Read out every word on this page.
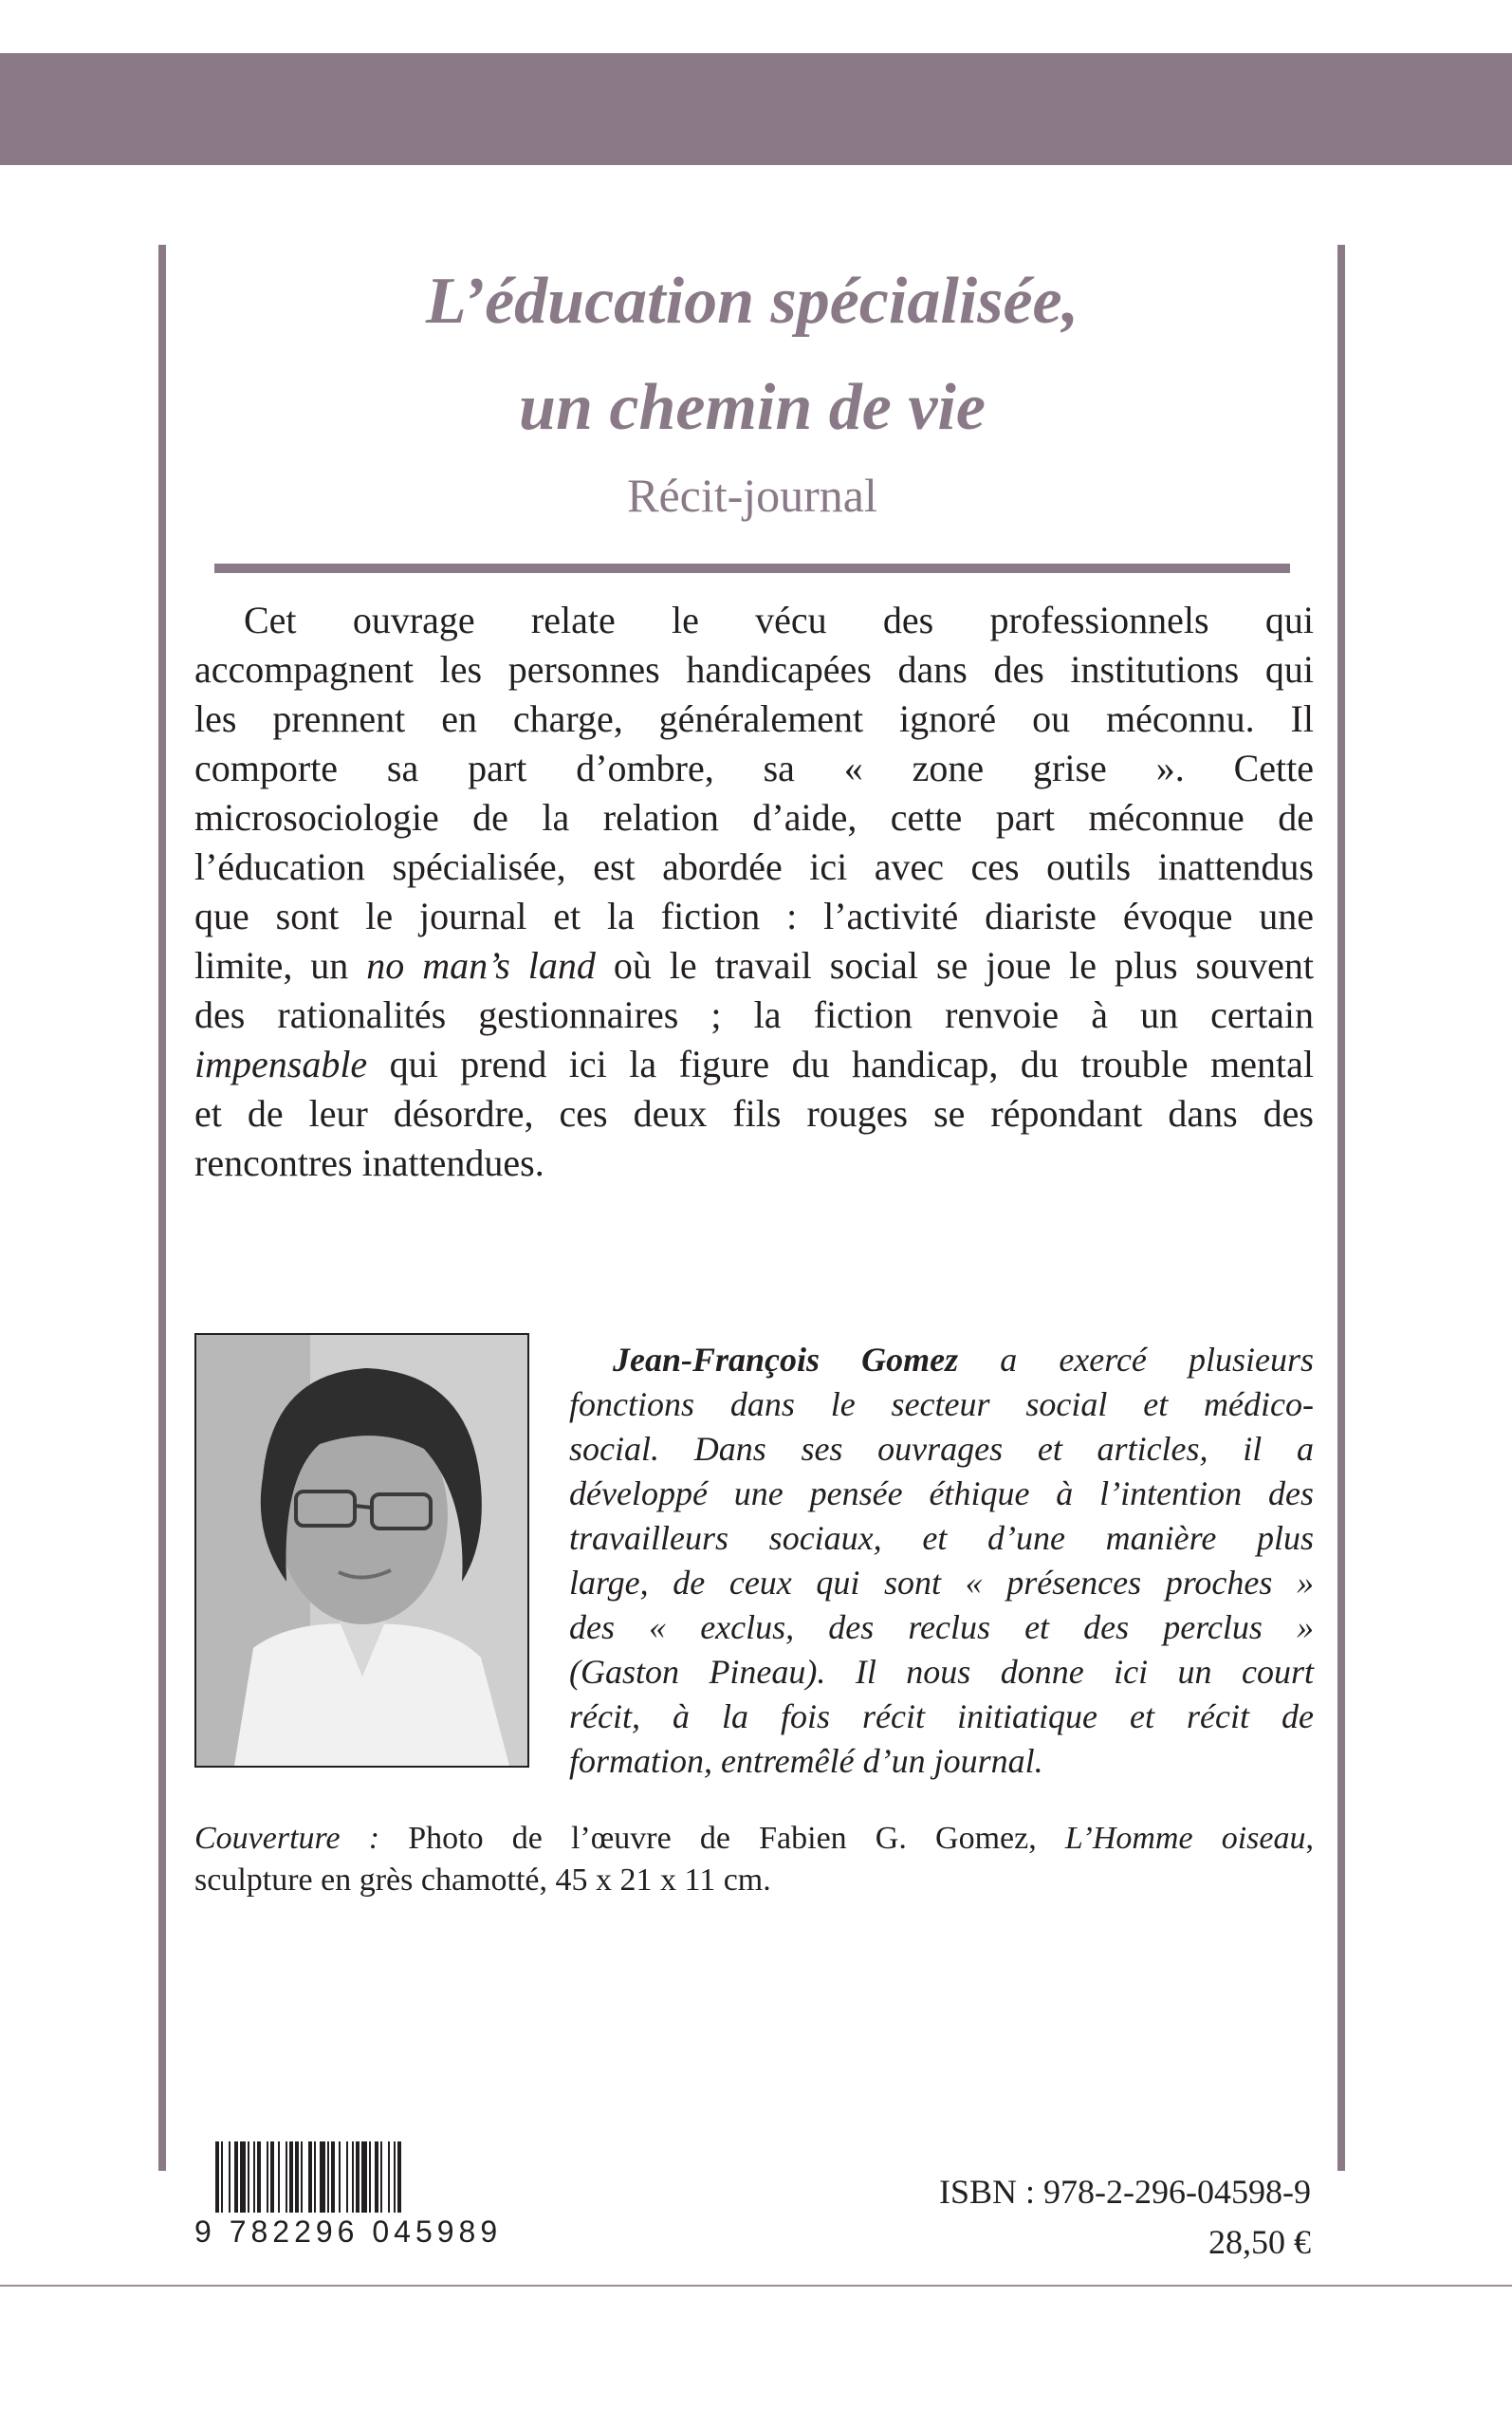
L’éducation spécialisée,
un chemin de vie
Récit-journal
Cet ouvrage relate le vécu des professionnels qui
accompagnent les personnes handicapées dans des institutions qui
les prennent en charge, généralement ignoré ou méconnu. Il
comporte sa part d’ombre, sa « zone grise ». Cette
microsociologie de la relation d’aide, cette part méconnue de
l’éducation spécialisée, est abordée ici avec ces outils inattendus
que sont le journal et la fiction : l’activité diariste évoque une
limite, un no man’s land où le travail social se joue le plus souvent
des rationalités gestionnaires ; la fiction renvoie à un certain
impensable qui prend ici la figure du handicap, du trouble mental
et de leur désordre, ces deux fils rouges se répondant dans des
rencontres inattendues.
Jean-François Gomez a exercé plusieurs
fonctions dans le secteur social et médico-
social. Dans ses ouvrages et articles, il a
développé une pensée éthique à l’intention des
travailleurs sociaux, et d’une manière plus
large, de ceux qui sont « présences proches »
des « exclus, des reclus et des perclus »
(Gaston Pineau). Il nous donne ici un court
récit, à la fois récit initiatique et récit de
formation, entremêlé d’un journal.
Couverture : Photo de l’œuvre de Fabien G. Gomez, L’Homme oiseau,
sculpture en grès chamotté, 45 x 21 x 11 cm.
9 782296 045989
ISBN : 978-2-296-04598-9
28,50 €
